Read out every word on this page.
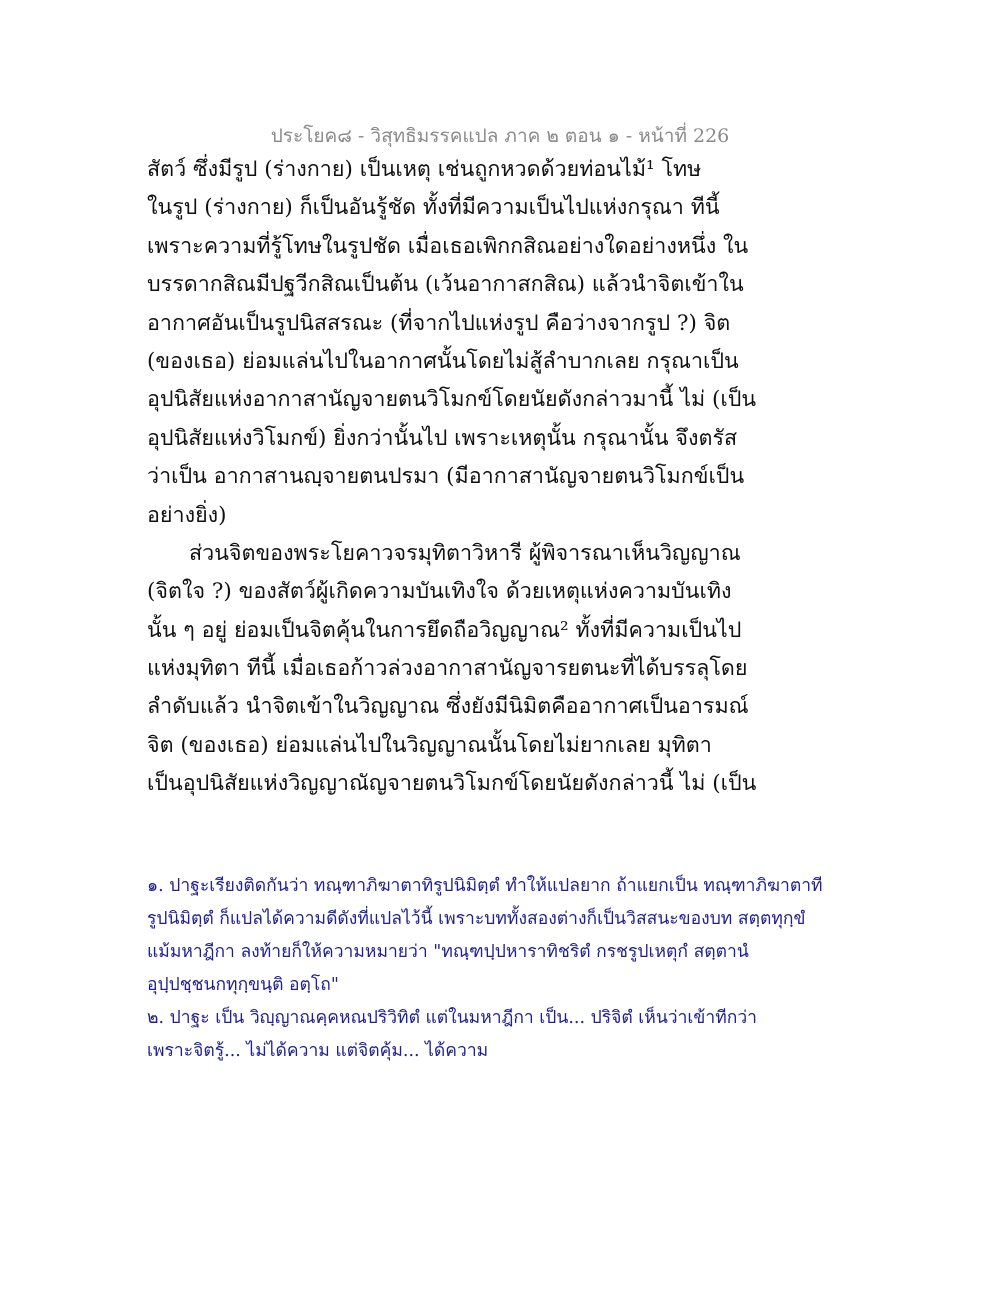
ประโยค๘ - วิสุทธิมรรคแปล ภาค ๒ ตอน ๑ - หน้าที่ 226
สัตว์ ซึ่งมีรูป (ร่างกาย) เป็นเหตุ เช่นถูกหวดด้วยท่อนไม้¹ โทษ
ในรูป (ร่างกาย) ก็เป็นอันรู้ชัด ทั้งที่มีความเป็นไปแห่งกรุณา ทีนี้
เพราะความที่รู้โทษในรูปชัด เมื่อเธอเพิกกสิณอย่างใดอย่างหนึ่ง ใน
บรรดากสิณมีปฐวีกสิณเป็นต้น (เว้นอากาสกสิณ) แล้วนำจิตเข้าใน
อากาศอันเป็นรูปนิสสรณะ (ที่จากไปแห่งรูป คือว่างจากรูป ?) จิต
(ของเธอ) ย่อมแล่นไปในอากาศนั้นโดยไม่สู้ลำบากเลย กรุณาเป็น
อุปนิสัยแห่งอากาสานัญจายตนวิโมกข์โดยนัยดังกล่าวมานี้ ไม่ (เป็น
อุปนิสัยแห่งวิโมกข์) ยิ่งกว่านั้นไป เพราะเหตุนั้น กรุณานั้น จึงตรัส
ว่าเป็น อากาสานญฺจายตนปรมา (มีอากาสานัญจายตนวิโมกข์เป็น
อย่างยิ่ง)
ส่วนจิตของพระโยคาวจรมุทิตาวิหารี ผู้พิจารณาเห็นวิญญาณ
(จิตใจ ?) ของสัตว์ผู้เกิดความบันเทิงใจ ด้วยเหตุแห่งความบันเทิง
นั้น ๆ อยู่ ย่อมเป็นจิตคุ้นในการยึดถือวิญญาณ² ทั้งที่มีความเป็นไป
แห่งมุทิตา ทีนี้ เมื่อเธอก้าวล่วงอากาสานัญจารยตนะที่ได้บรรลุโดย
ลำดับแล้ว นำจิตเข้าในวิญญาณ ซึ่งยังมีนิมิตคืออากาศเป็นอารมณ์
จิต (ของเธอ) ย่อมแล่นไปในวิญญาณนั้นโดยไม่ยากเลย มุทิตา
เป็นอุปนิสัยแห่งวิญญาณัญจายตนวิโมกข์โดยนัยดังกล่าวนี้ ไม่ (เป็น
๑. ปาฐะเรียงติดกันว่า ทณฺฑาภิฆาตาทิรูปนิมิตฺตํ ทำให้แปลยาก ถ้าแยกเป็น ทณฺฑาภิฆาตาที
รูปนิมิตฺตํ ก็แปลได้ความดีดังที่แปลไว้นี้ เพราะบททั้งสองต่างก็เป็นวิสสนะของบท สตฺตทุกฺขํ
แม้มหาฎีกา ลงท้ายก็ให้ความหมายว่า "ทณฺฑปฺปหาราทิชริตํ กรชรูปเหตุกํ สตฺตานํ
อุปฺปชฺชนกทุกฺขนฺติ อตฺโถ"
๒. ปาฐะ เป็น วิญฺญาณคฺคหณปริวิทิตํ แต่ในมหาฎีกา เป็น... ปริจิตํ เห็นว่าเข้าทีกว่า
เพราะจิตรู้... ไม่ได้ความ แต่จิตคุ้ม... ได้ความ
